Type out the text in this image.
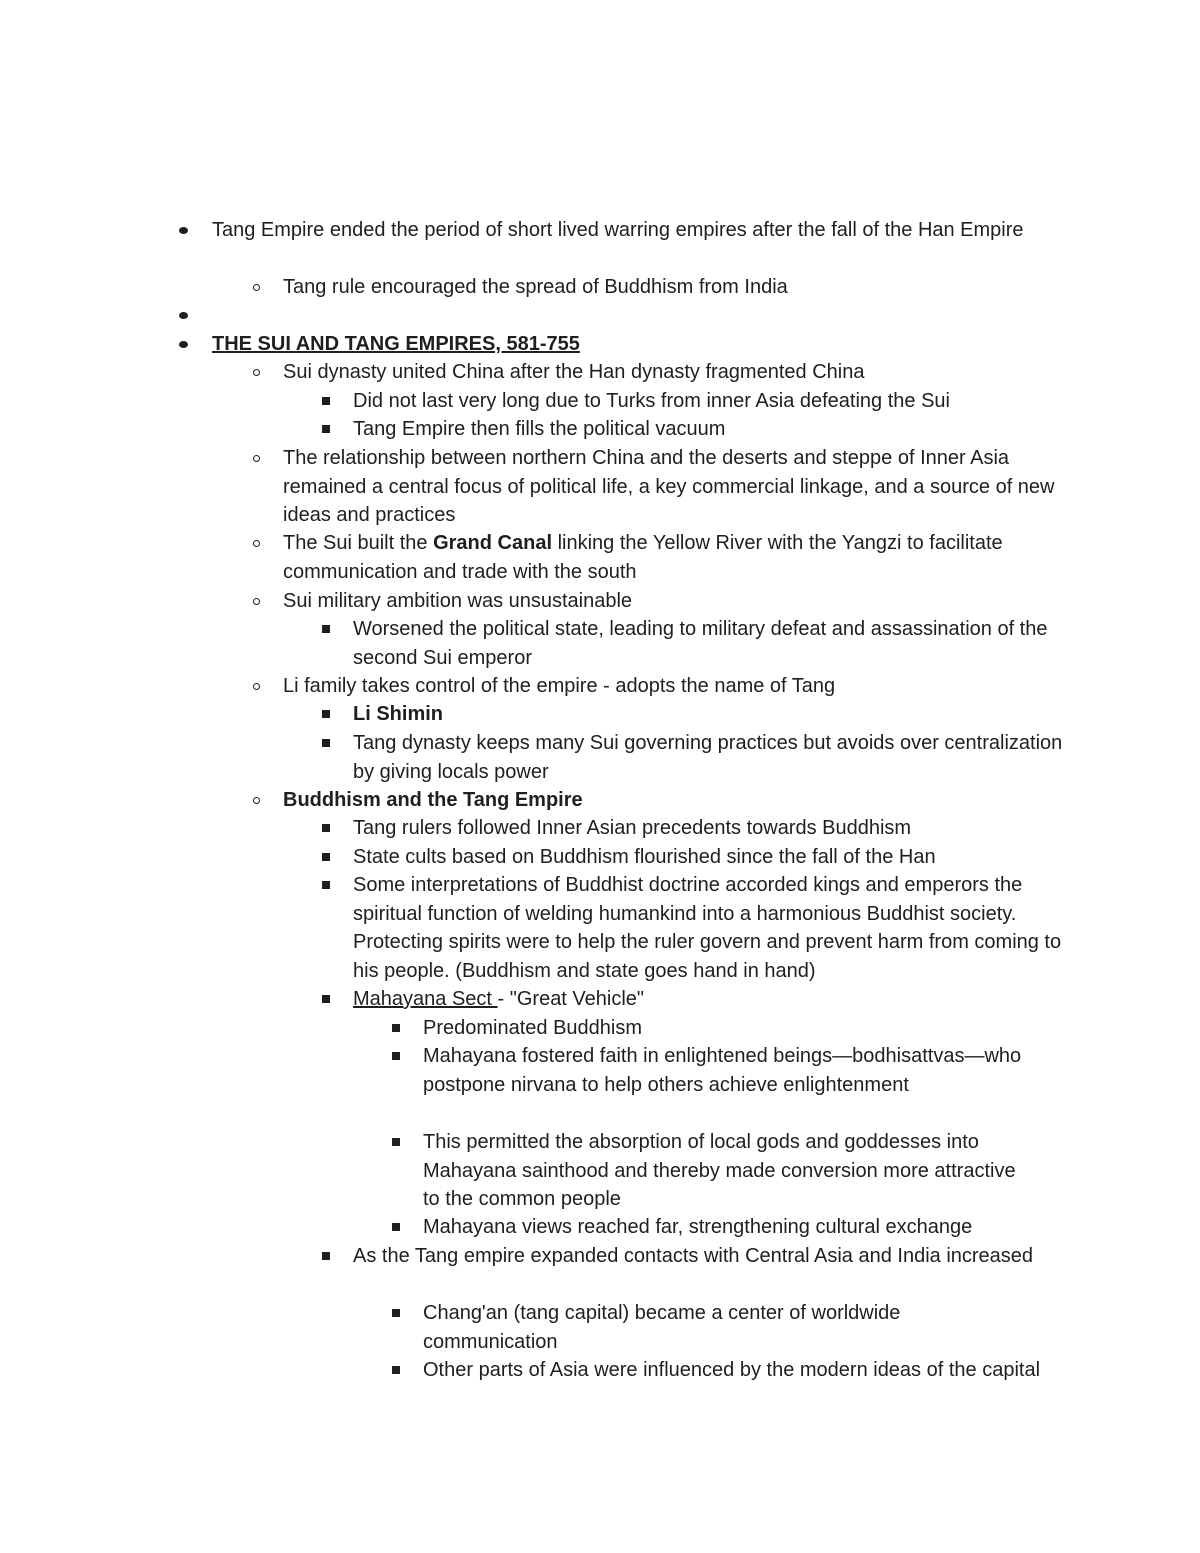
Tang Empire ended the period of short lived warring empires after the fall of the Han Empire
Tang rule encouraged the spread of Buddhism from India
THE SUI AND TANG EMPIRES, 581-755
Sui dynasty united China after the Han dynasty fragmented China
Did not last very long due to Turks from inner Asia defeating the Sui
Tang Empire then fills the political vacuum
The relationship between northern China and the deserts and steppe of Inner Asia remained a central focus of political life, a key commercial linkage, and a source of new ideas and practices
The Sui built the Grand Canal linking the Yellow River with the Yangzi to facilitate communication and trade with the south
Sui military ambition was unsustainable
Worsened the political state, leading to military defeat and assassination of the second Sui emperor
Li family takes control of the empire - adopts the name of Tang
Li Shimin
Tang dynasty keeps many Sui governing practices but avoids over centralization by giving locals power
Buddhism and the Tang Empire
Tang rulers followed Inner Asian precedents towards Buddhism
State cults based on Buddhism flourished since the fall of the Han
Some interpretations of Buddhist doctrine accorded kings and emperors the spiritual function of welding humankind into a harmonious Buddhist society. Protecting spirits were to help the ruler govern and prevent harm from coming to his people. (Buddhism and state goes hand in hand)
Mahayana Sect - "Great Vehicle"
Predominated Buddhism
Mahayana fostered faith in enlightened beings—bodhisattvas—who postpone nirvana to help others achieve enlightenment
This permitted the absorption of local gods and goddesses into Mahayana sainthood and thereby made conversion more attractive to the common people
Mahayana views reached far, strengthening cultural exchange
As the Tang empire expanded contacts with Central Asia and India increased
Chang'an (tang capital) became a center of worldwide communication
Other parts of Asia were influenced by the modern ideas of the capital
